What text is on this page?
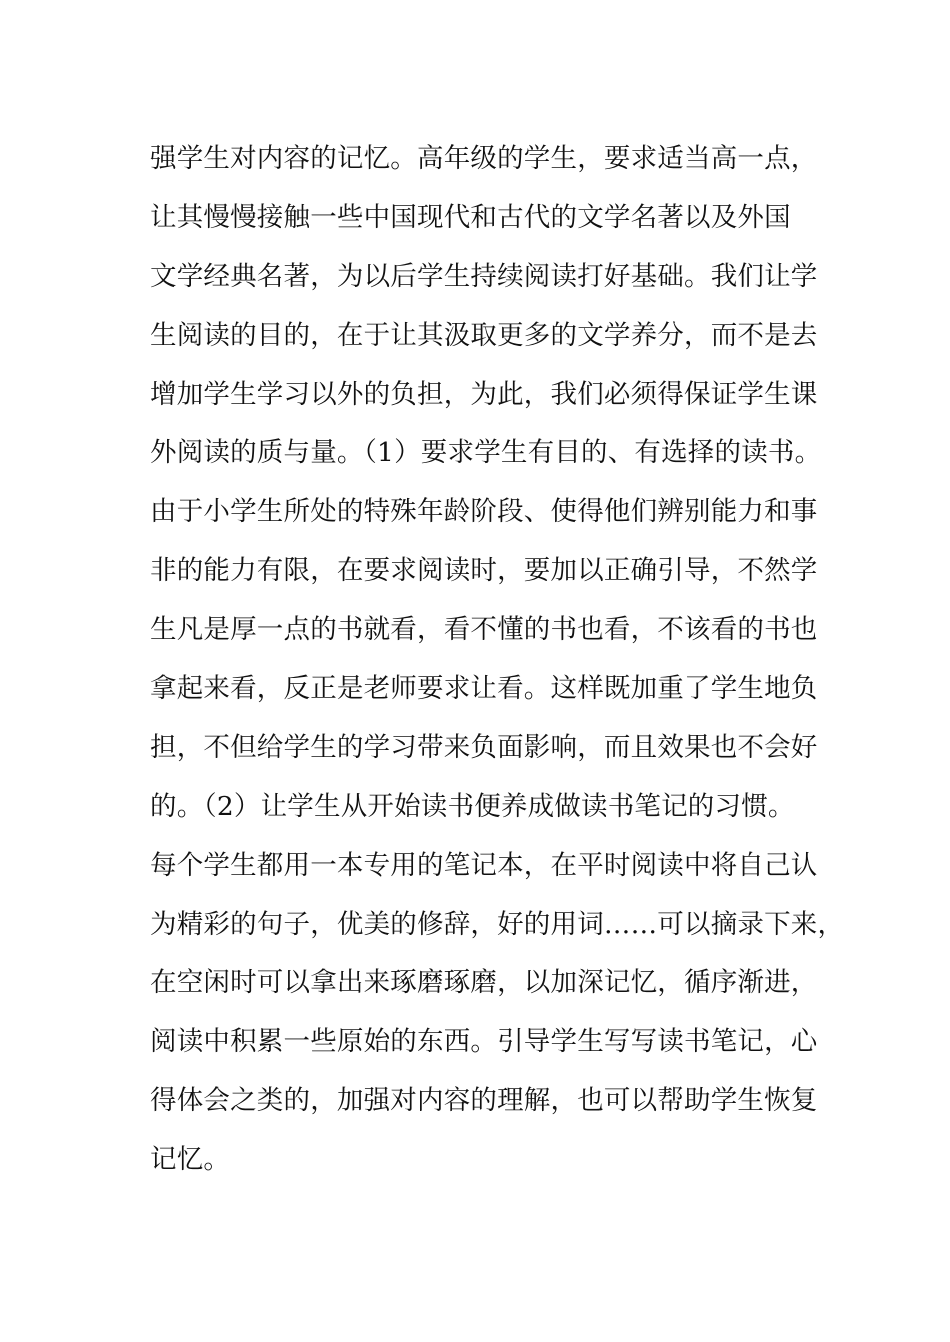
强学生对内容的记忆。高年级的学生，要求适当高一点，
让其慢慢接触一些中国现代和古代的文学名著以及外国
文学经典名著，为以后学生持续阅读打好基础。我们让学
生阅读的目的，在于让其汲取更多的文学养分，而不是去
增加学生学习以外的负担，为此，我们必须得保证学生课
外阅读的质与量。（1）要求学生有目的、有选择的读书。
由于小学生所处的特殊年龄阶段、使得他们辨别能力和事
非的能力有限，在要求阅读时，要加以正确引导，不然学
生凡是厚一点的书就看，看不懂的书也看，不该看的书也
拿起来看，反正是老师要求让看。这样既加重了学生地负
担，不但给学生的学习带来负面影响，而且效果也不会好
的。（2）让学生从开始读书便养成做读书笔记的习惯。
每个学生都用一本专用的笔记本，在平时阅读中将自己认
为精彩的句子，优美的修辞，好的用词……可以摘录下来，
在空闲时可以拿出来琢磨琢磨，以加深记忆，循序渐进，
阅读中积累一些原始的东西。引导学生写写读书笔记，心
得体会之类的，加强对内容的理解，也可以帮助学生恢复
记忆。
